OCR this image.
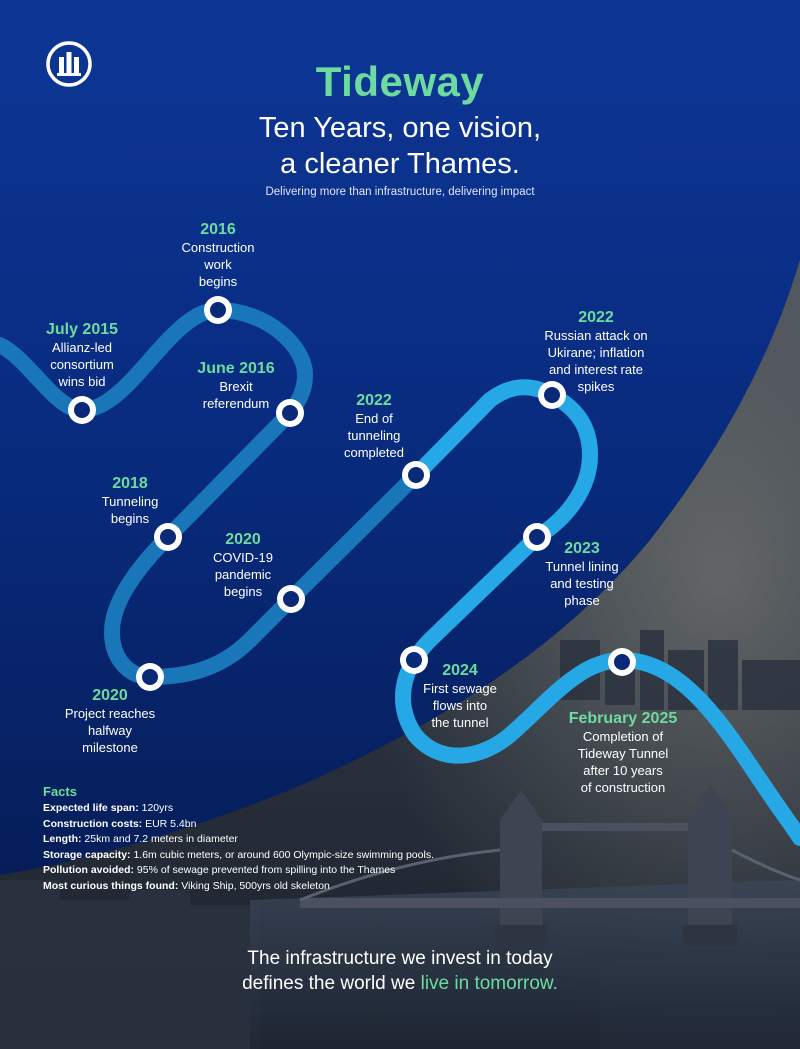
Tideway
Ten Years, one vision,
a cleaner Thames.
Delivering more than infrastructure, delivering impact
July 2015
Allianz-led
consortium
wins bid
2016
Construction
work
begins
June 2016
Brexit
referendum
2018
Tunneling
begins
2020
COVID-19
pandemic
begins
2020
Project reaches
halfway
milestone
2022
End of
tunneling
completed
2022
Russian attack on
Ukirane; inflation
and interest rate
spikes
2023
Tunnel lining
and testing
phase
2024
First sewage
flows into
the tunnel	February 2025
Completion of
Tideway Tunnel
after 10 years
of construction
Facts
Expected life span: 120yrs
Construction costs: EUR 5.4bn
Length: 25km and 7.2 meters in diameter
Storage capacity: 1.6m cubic meters, or around 600 Olympic-size swimming pools.
Pollution avoided: 95% of sewage prevented from spilling into the Thames
Most curious things found: Viking Ship, 500yrs old skeleton
The infrastructure we invest in today
defines the world we live in tomorrow.
